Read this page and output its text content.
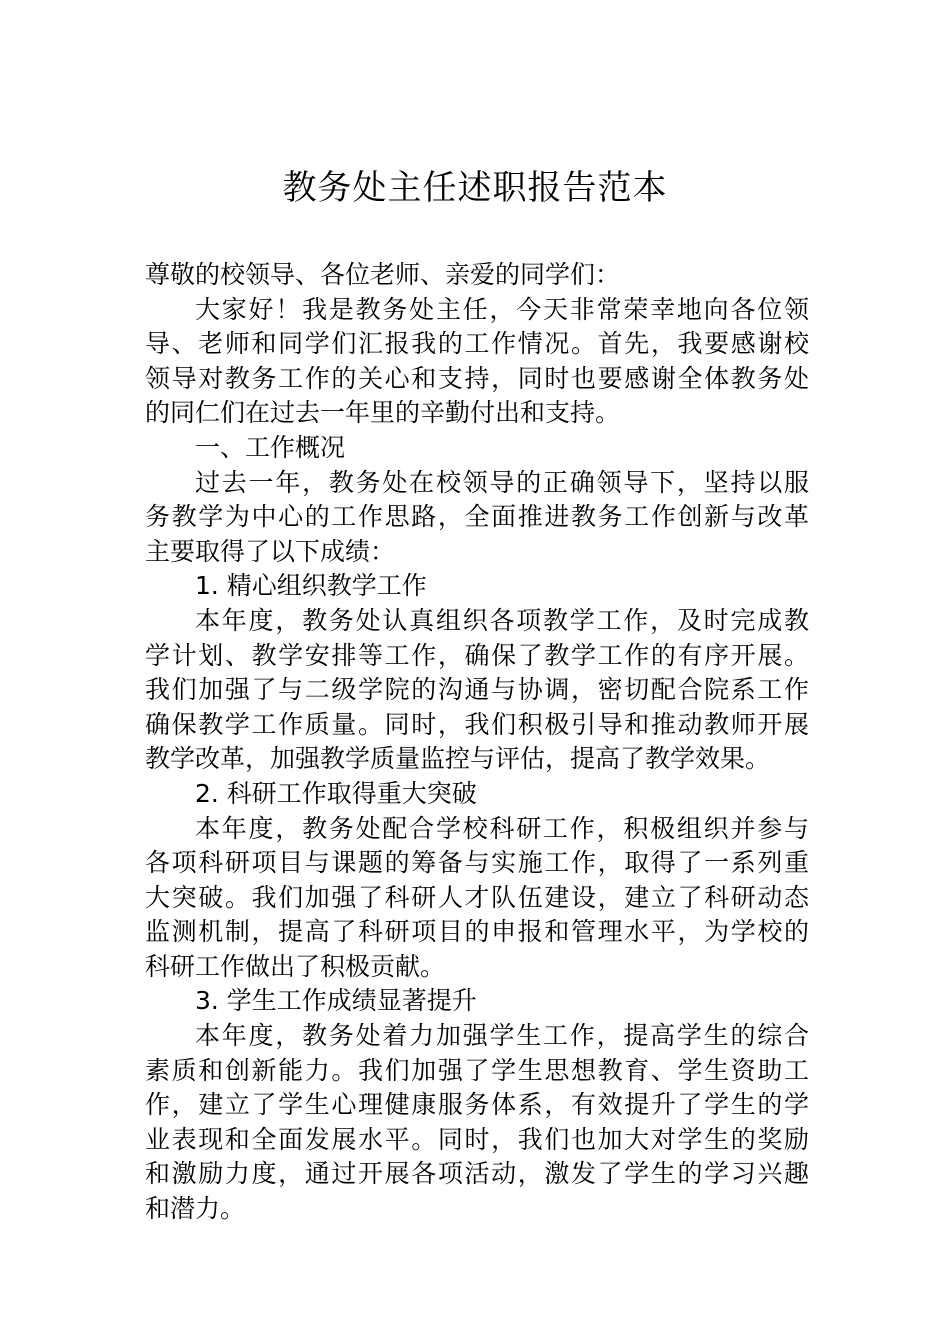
教务处主任述职报告范本
尊敬的校领导、各位老师、亲爱的同学们：
大家好！我是教务处主任，今天非常荣幸地向各位领
导、老师和同学们汇报我的工作情况。首先，我要感谢校
领导对教务工作的关心和支持，同时也要感谢全体教务处
的同仁们在过去一年里的辛勤付出和支持。
一、工作概况
过去一年，教务处在校领导的正确领导下，坚持以服
务教学为中心的工作思路，全面推进教务工作创新与改革
主要取得了以下成绩：
1. 精心组织教学工作
本年度，教务处认真组织各项教学工作，及时完成教
学计划、教学安排等工作，确保了教学工作的有序开展。
我们加强了与二级学院的沟通与协调，密切配合院系工作
确保教学工作质量。同时，我们积极引导和推动教师开展
教学改革，加强教学质量监控与评估，提高了教学效果。
2. 科研工作取得重大突破
本年度，教务处配合学校科研工作，积极组织并参与
各项科研项目与课题的筹备与实施工作，取得了一系列重
大突破。我们加强了科研人才队伍建设，建立了科研动态
监测机制，提高了科研项目的申报和管理水平，为学校的
科研工作做出了积极贡献。
3. 学生工作成绩显著提升
本年度，教务处着力加强学生工作，提高学生的综合
素质和创新能力。我们加强了学生思想教育、学生资助工
作，建立了学生心理健康服务体系，有效提升了学生的学
业表现和全面发展水平。同时，我们也加大对学生的奖励
和激励力度，通过开展各项活动，激发了学生的学习兴趣
和潜力。
